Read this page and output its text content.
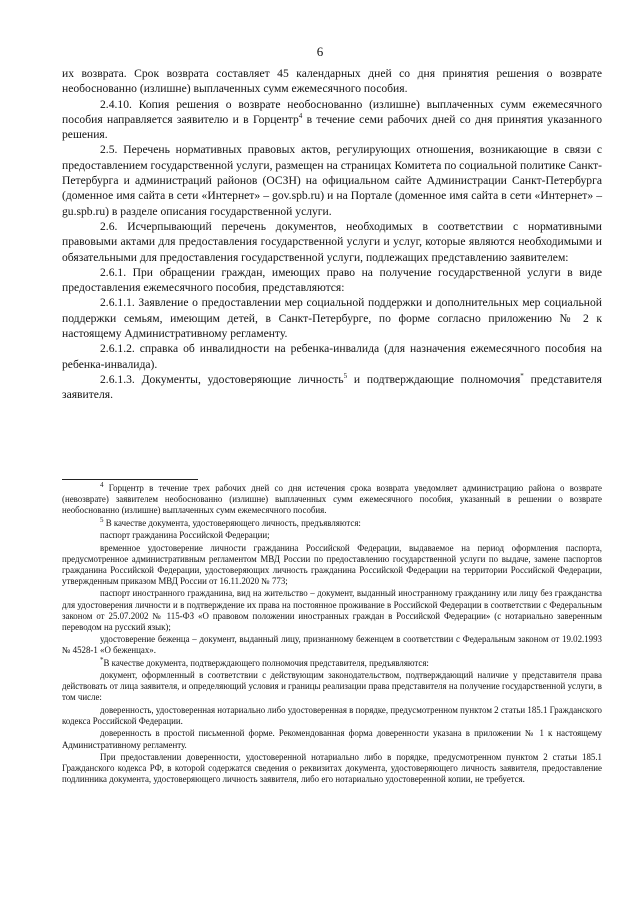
6

их возврата. Срок возврата составляет 45 календарных дней со дня принятия решения о возврате необоснованно (излишне) выплаченных сумм ежемесячного пособия.

2.4.10. Копия решения о возврате необоснованно (излишне) выплаченных сумм ежемесячного пособия направляется заявителю и в Горцентр$^4$ в течение семи рабочих дней со дня принятия указанного решения.

2.5. Перечень нормативных правовых актов, регулирующих отношения, возникающие в связи с предоставлением государственной услуги, размещен на страницах Комитета по социальной политике Санкт-Петербурга и администраций районов (ОСЗН) на официальном сайте Администрации Санкт-Петербурга (доменное имя сайта в сети «Интернет» – gov.spb.ru) и на Портале (доменное имя сайта в сети «Интернет» – gu.spb.ru) в разделе описания государственной услуги.

2.6. Исчерпывающий перечень документов, необходимых в соответствии с нормативными правовыми актами для предоставления государственной услуги и услуг, которые являются необходимыми и обязательными для предоставления государственной услуги, подлежащих представлению заявителем:

2.6.1. При обращении граждан, имеющих право на получение государственной услуги в виде предоставления ежемесячного пособия, представляются:

2.6.1.1. Заявление о предоставлении мер социальной поддержки и дополнительных мер социальной поддержки семьям, имеющим детей, в Санкт-Петербурге, по форме согласно приложению № 2 к настоящему Административному регламенту.

2.6.1.2. справка об инвалидности на ребенка-инвалида (для назначения ежемесячного пособия на ребенка-инвалида).

2.6.1.3. Документы, удостоверяющие личность$^5$ и подтверждающие полномочия* представителя заявителя.

$^4$ Горцентр в течение трех рабочих дней со дня истечения срока возврата уведомляет администрацию района о возврате (невозврате) заявителем необоснованно (излишне) выплаченных сумм ежемесячного пособия, указанный в решении о возврате необоснованно (излишне) выплаченных сумм ежемесячного пособия.

$^5$ В качестве документа, удостоверяющего личность, предъявляются:

паспорт гражданина Российской Федерации;

временное удостоверение личности гражданина Российской Федерации, выдаваемое на период оформления паспорта, предусмотренное административным регламентом МВД России по предоставлению государственной услуги по выдаче, замене паспортов гражданина Российской Федерации, удостоверяющих личность гражданина Российской Федерации на территории Российской Федерации, утвержденным приказом МВД России от 16.11.2020 № 773;

паспорт иностранного гражданина, вид на жительство – документ, выданный иностранному гражданину или лицу без гражданства для удостоверения личности и в подтверждение их права на постоянное проживание в Российской Федерации в соответствии с Федеральным законом от 25.07.2002 № 115-ФЗ «О правовом положении иностранных граждан в Российской Федерации» (с нотариально заверенным переводом на русский язык);

удостоверение беженца – документ, выданный лицу, признанному беженцем в соответствии с Федеральным законом от 19.02.1993 № 4528-1 «О беженцах».

*В качестве документа, подтверждающего полномочия представителя, предъявляются:

документ, оформленный в соответствии с действующим законодательством, подтверждающий наличие у представителя права действовать от лица заявителя, и определяющий условия и границы реализации права представителя на получение государственной услуги, в том числе:

доверенность, удостоверенная нотариально либо удостоверенная в порядке, предусмотренном пунктом 2 статьи 185.1 Гражданского кодекса Российской Федерации.

доверенность в простой письменной форме. Рекомендованная форма доверенности указана в приложении № 1 к настоящему Административному регламенту.

При предоставлении доверенности, удостоверенной нотариально либо в порядке, предусмотренном пунктом 2 статьи 185.1 Гражданского кодекса РФ, в которой содержатся сведения о реквизитах документа, удостоверяющего личность заявителя, предоставление подлинника документа, удостоверяющего личность заявителя, либо его нотариально удостоверенной копии, не требуется.
